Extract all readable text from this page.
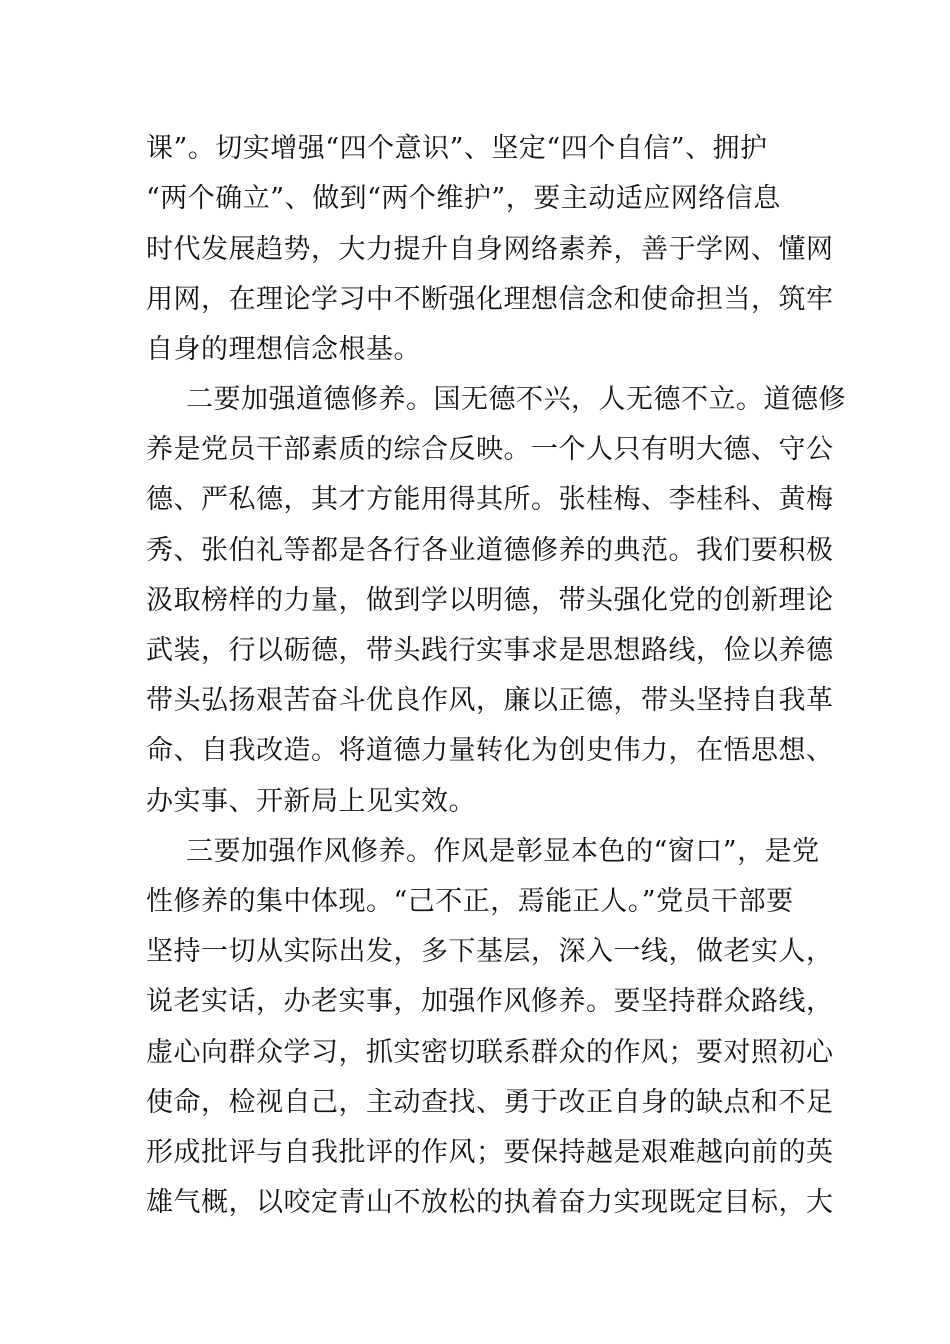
课”。切实增强“四个意识”、坚定“四个自信”、拥护
“两个确立”、做到“两个维护”，要主动适应网络信息
时代发展趋势，大力提升自身网络素养，善于学网、懂网
用网，在理论学习中不断强化理想信念和使命担当，筑牢
自身的理想信念根基。
二要加强道德修养。国无德不兴，人无德不立。道德修
养是党员干部素质的综合反映。一个人只有明大德、守公
德、严私德，其才方能用得其所。张桂梅、李桂科、黄梅
秀、张伯礼等都是各行各业道德修养的典范。我们要积极
汲取榜样的力量，做到学以明德，带头强化党的创新理论
武装，行以砺德，带头践行实事求是思想路线，俭以养德
带头弘扬艰苦奋斗优良作风，廉以正德，带头坚持自我革
命、自我改造。将道德力量转化为创史伟力，在悟思想、
办实事、开新局上见实效。
三要加强作风修养。作风是彰显本色的“窗口”，是党
性修养的集中体现。“己不正，焉能正人。”党员干部要
坚持一切从实际出发，多下基层，深入一线，做老实人，
说老实话，办老实事，加强作风修养。要坚持群众路线，
虚心向群众学习，抓实密切联系群众的作风；要对照初心
使命，检视自己，主动查找、勇于改正自身的缺点和不足
形成批评与自我批评的作风；要保持越是艰难越向前的英
雄气概，以咬定青山不放松的执着奋力实现既定目标，大
